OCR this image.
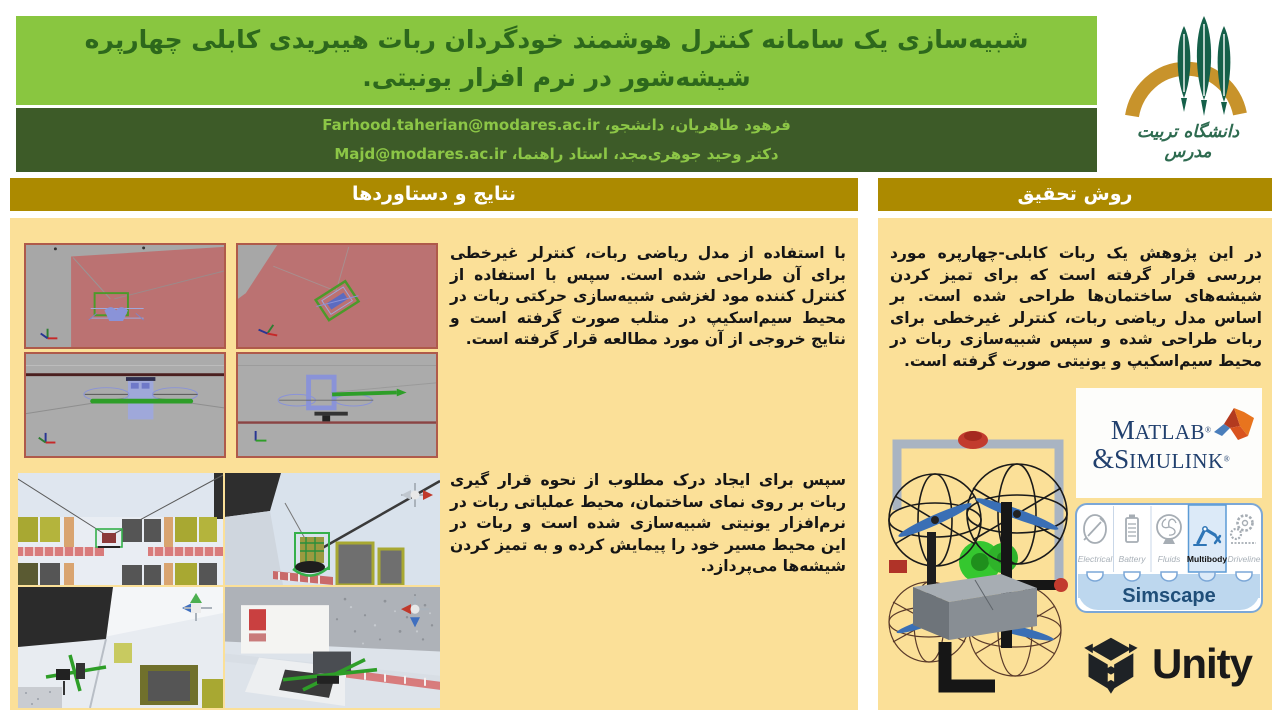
شبیه‌سازی یک سامانه کنترل هوشمند خودگردان ربات هیبریدی کابلی چهارپره شیشه‌شور در نرم افزار یونیتی.
فرهود طاهریان، دانشجو، Farhood.taherian@modares.ac.ir
دکتر وحید جوهری‌مجد، استاد راهنما، Majd@modares.ac.ir
دانشگاه تربیت مدرس
نتایج و دستاوردها	روش تحقیق
با استفاده از مدل ریاضی ربات، کنترلر غیرخطی برای آن طراحی شده است. سپس با استفاده از کنترل کننده مود لغزشی شبیه‌سازی حرکتی ربات در محیط سیم‌اسکیپ در متلب صورت گرفته است و نتایج خروجی از آن مورد مطالعه قرار گرفته است.
سپس برای ایجاد درک مطلوب از نحوه قرار گیری ربات بر روی نمای ساختمان، محیط عملیاتی ربات در نرم‌افزار یونیتی شبیه‌سازی شده است و ربات در این محیط مسیر خود را پیمایش کرده و به تمیز کردن شیشه‌ها می‌پردازد.
در این پژوهش یک ربات کابلی-چهارپره مورد بررسی قرار گرفته است که برای تمیز کردن شیشه‌های ساختمان‌ها طراحی شده است. بر اساس مدل ریاضی ربات، کنترلر غیرخطی برای ربات طراحی شده و سپس شبیه‌سازی ربات در محیط سیم‌اسکیپ و یونیتی صورت گرفته است.
MATLAB®
&SIMULINK®
Electrical Battery Fluids Multibody Driveline
Simscape
Unity
